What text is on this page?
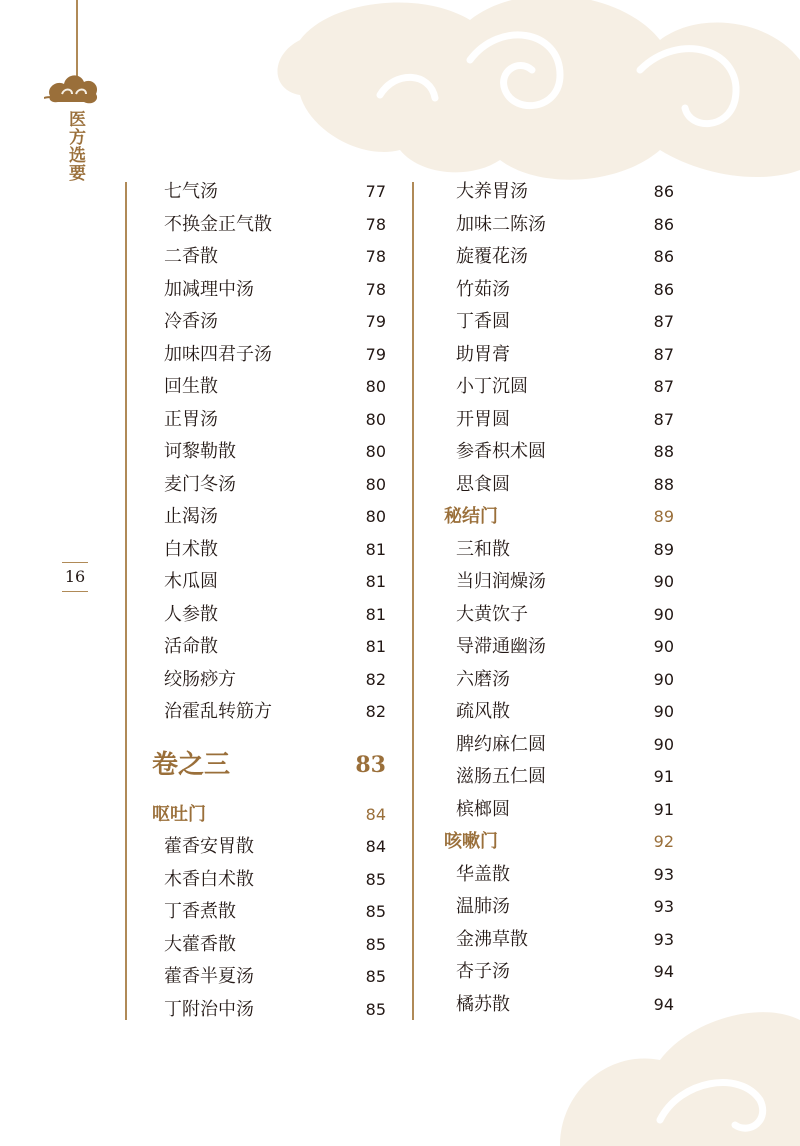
医方选要
16
七气汤	77
不换金正气散	78
二香散	78
加减理中汤	78
冷香汤	79
加味四君子汤	79
回生散	80
正胃汤	80
诃黎勒散	80
麦门冬汤	80
止渴汤	80
白术散	81
木瓜圆	81
人参散	81
活命散	81
绞肠痧方	82
治霍乱转筋方	82
卷之三	83
呕吐门	84
藿香安胃散	84
木香白术散	85
丁香煮散	85
大藿香散	85
藿香半夏汤	85
丁附治中汤	85
大养胃汤	86
加味二陈汤	86
旋覆花汤	86
竹茹汤	86
丁香圆	87
助胃膏	87
小丁沉圆	87
开胃圆	87
参香枳术圆	88
思食圆	88
秘结门	89
三和散	89
当归润燥汤	90
大黄饮子	90
导滞通幽汤	90
六磨汤	90
疏风散	90
脾约麻仁圆	90
滋肠五仁圆	91
槟榔圆	91
咳嗽门	92
华盖散	93
温肺汤	93
金沸草散	93
杏子汤	94
橘苏散	94
